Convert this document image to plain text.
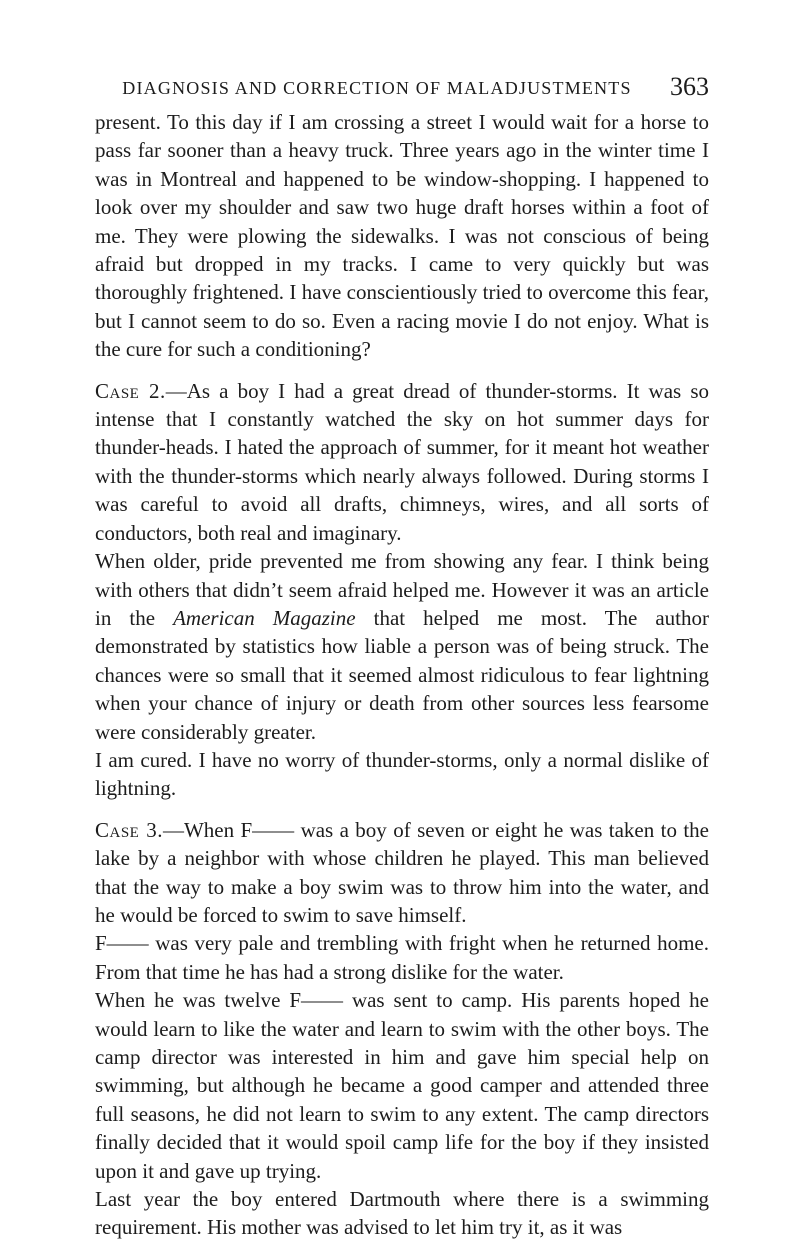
DIAGNOSIS AND CORRECTION OF MALADJUSTMENTS	363

present. To this day if I am crossing a street I would wait for a horse to pass far sooner than a heavy truck. Three years ago in the winter time I was in Montreal and happened to be window-shopping. I happened to look over my shoulder and saw two huge draft horses within a foot of me. They were plowing the sidewalks. I was not conscious of being afraid but dropped in my tracks. I came to very quickly but was thoroughly frightened. I have conscientiously tried to overcome this fear, but I cannot seem to do so. Even a racing movie I do not enjoy. What is the cure for such a conditioning?

Case 2.—As a boy I had a great dread of thunder-storms. It was so intense that I constantly watched the sky on hot summer days for thunder-heads. I hated the approach of summer, for it meant hot weather with the thunder-storms which nearly always followed. During storms I was careful to avoid all drafts, chimneys, wires, and all sorts of conductors, both real and imaginary.

When older, pride prevented me from showing any fear. I think being with others that didn’t seem afraid helped me. However it was an article in the American Magazine that helped me most. The author demonstrated by statistics how liable a person was of being struck. The chances were so small that it seemed almost ridiculous to fear lightning when your chance of injury or death from other sources less fearsome were considerably greater.

I am cured. I have no worry of thunder-storms, only a normal dislike of lightning.

Case 3.—When F—— was a boy of seven or eight he was taken to the lake by a neighbor with whose children he played. This man believed that the way to make a boy swim was to throw him into the water, and he would be forced to swim to save himself.

F—— was very pale and trembling with fright when he returned home. From that time he has had a strong dislike for the water.

When he was twelve F—— was sent to camp. His parents hoped he would learn to like the water and learn to swim with the other boys. The camp director was interested in him and gave him special help on swimming, but although he became a good camper and attended three full seasons, he did not learn to swim to any extent. The camp directors finally decided that it would spoil camp life for the boy if they insisted upon it and gave up trying.

Last year the boy entered Dartmouth where there is a swimming requirement. His mother was advised to let him try it, as it was
